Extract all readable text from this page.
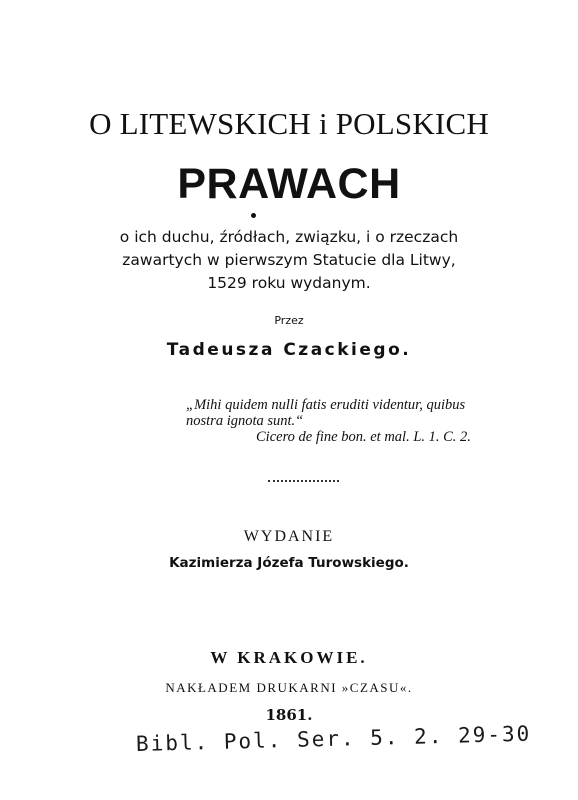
O LITEWSKICH i POLSKICH
PRAWACH
o ich duchu, źródłach, związku, i o rzeczach
zawartych w pierwszym Statucie dla Litwy,
1529 roku wydanym.
Przez
Tadeusza Czackiego.
„Mihi quidem nulli fatis eruditi videntur, quibus
nostra ignota sunt.“
Cicero de fine bon. et mal. L. 1. C. 2.
WYDANIE
Kazimierza Józefa Turowskiego.
W KRAKOWIE.
NAKŁADEM DRUKARNI »CZASU«.
1861.
Bibl. Pol. Ser. 5. 2. 29-30
